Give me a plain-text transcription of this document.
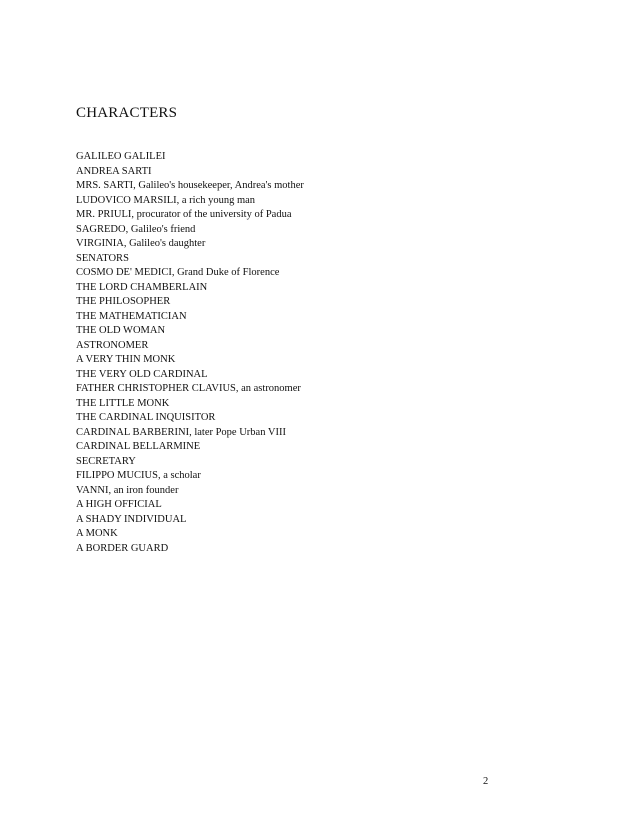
CHARACTERS
GALILEO GALILEI
ANDREA SARTI
MRS. SARTI, Galileo's housekeeper, Andrea's mother
LUDOVICO MARSILI, a rich young man
MR. PRIULI, procurator of the university of Padua
SAGREDO, Galileo's friend
VIRGINIA, Galileo's daughter
SENATORS
COSMO DE' MEDICI, Grand Duke of Florence
THE LORD CHAMBERLAIN
THE PHILOSOPHER
THE MATHEMATICIAN
THE OLD WOMAN
ASTRONOMER
A VERY THIN MONK
THE VERY OLD CARDINAL
FATHER CHRISTOPHER CLAVIUS, an astronomer
THE LITTLE MONK
THE CARDINAL INQUISITOR
CARDINAL BARBERINI, later Pope Urban VIII
CARDINAL BELLARMINE
SECRETARY
FILIPPO MUCIUS, a scholar
VANNI, an iron founder
A HIGH OFFICIAL
A SHADY INDIVIDUAL
A MONK
A BORDER GUARD
2
